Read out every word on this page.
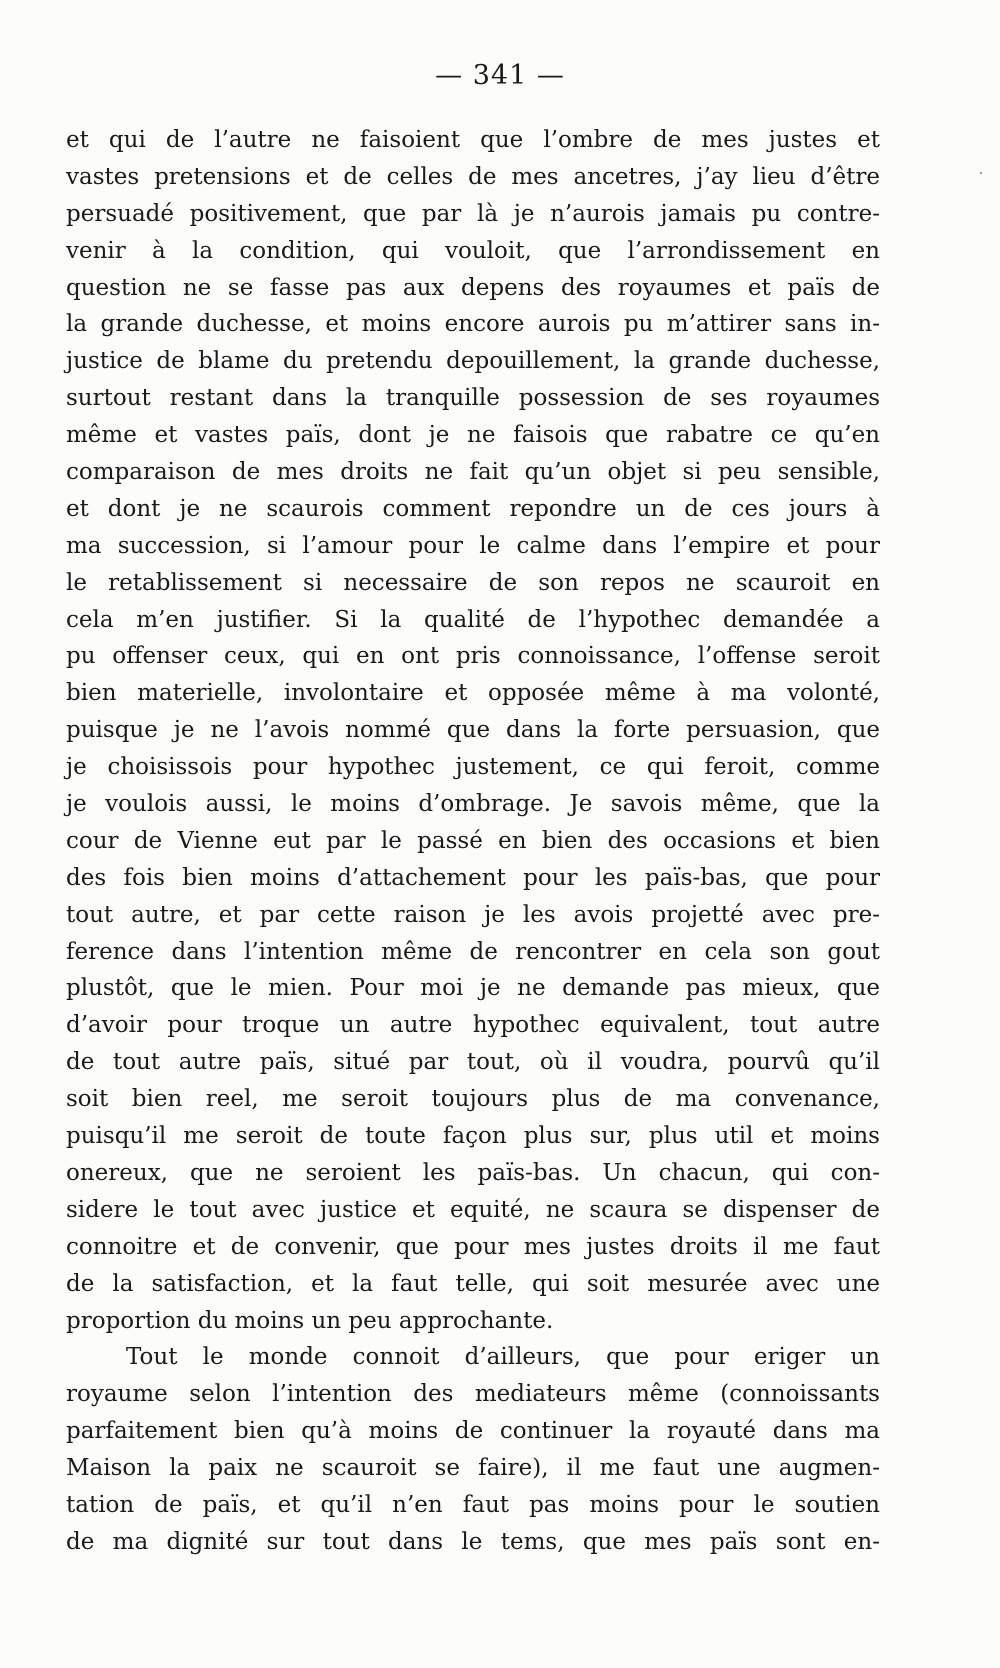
— 341 —
et qui de l’autre ne faisoient que l’ombre de mes justes et
vastes pretensions et de celles de mes ancetres, j’ay lieu d’être
persuadé positivement, que par là je n’aurois jamais pu contre-
venir à la condition, qui vouloit, que l’arrondissement en
question ne se fasse pas aux depens des royaumes et païs de
la grande duchesse, et moins encore aurois pu m’attirer sans in-
justice de blame du pretendu depouillement, la grande duchesse,
surtout restant dans la tranquille possession de ses royaumes
même et vastes païs, dont je ne faisois que rabatre ce qu’en
comparaison de mes droits ne fait qu’un objet si peu sensible,
et dont je ne scaurois comment repondre un de ces jours à
ma succession, si l’amour pour le calme dans l’empire et pour
le retablissement si necessaire de son repos ne scauroit en
cela m’en justifier. Si la qualité de l’hypothec demandée a
pu offenser ceux, qui en ont pris connoissance, l’offense seroit
bien materielle, involontaire et opposée même à ma volonté,
puisque je ne l’avois nommé que dans la forte persuasion, que
je choisissois pour hypothec justement, ce qui feroit, comme
je voulois aussi, le moins d’ombrage. Je savois même, que la
cour de Vienne eut par le passé en bien des occasions et bien
des fois bien moins d’attachement pour les païs-bas, que pour
tout autre, et par cette raison je les avois projetté avec pre-
ference dans l’intention même de rencontrer en cela son gout
plustôt, que le mien. Pour moi je ne demande pas mieux, que
d’avoir pour troque un autre hypothec equivalent, tout autre
de tout autre païs, situé par tout, où il voudra, pourvû qu’il
soit bien reel, me seroit toujours plus de ma convenance,
puisqu’il me seroit de toute façon plus sur, plus util et moins
onereux, que ne seroient les païs-bas. Un chacun, qui con-
sidere le tout avec justice et equité, ne scaura se dispenser de
connoitre et de convenir, que pour mes justes droits il me faut
de la satisfaction, et la faut telle, qui soit mesurée avec une
proportion du moins un peu approchante.
Tout le monde connoit d’ailleurs, que pour eriger un
royaume selon l’intention des mediateurs même (connoissants
parfaitement bien qu’à moins de continuer la royauté dans ma
Maison la paix ne scauroit se faire), il me faut une augmen-
tation de païs, et qu’il n’en faut pas moins pour le soutien
de ma dignité sur tout dans le tems, que mes païs sont en-
